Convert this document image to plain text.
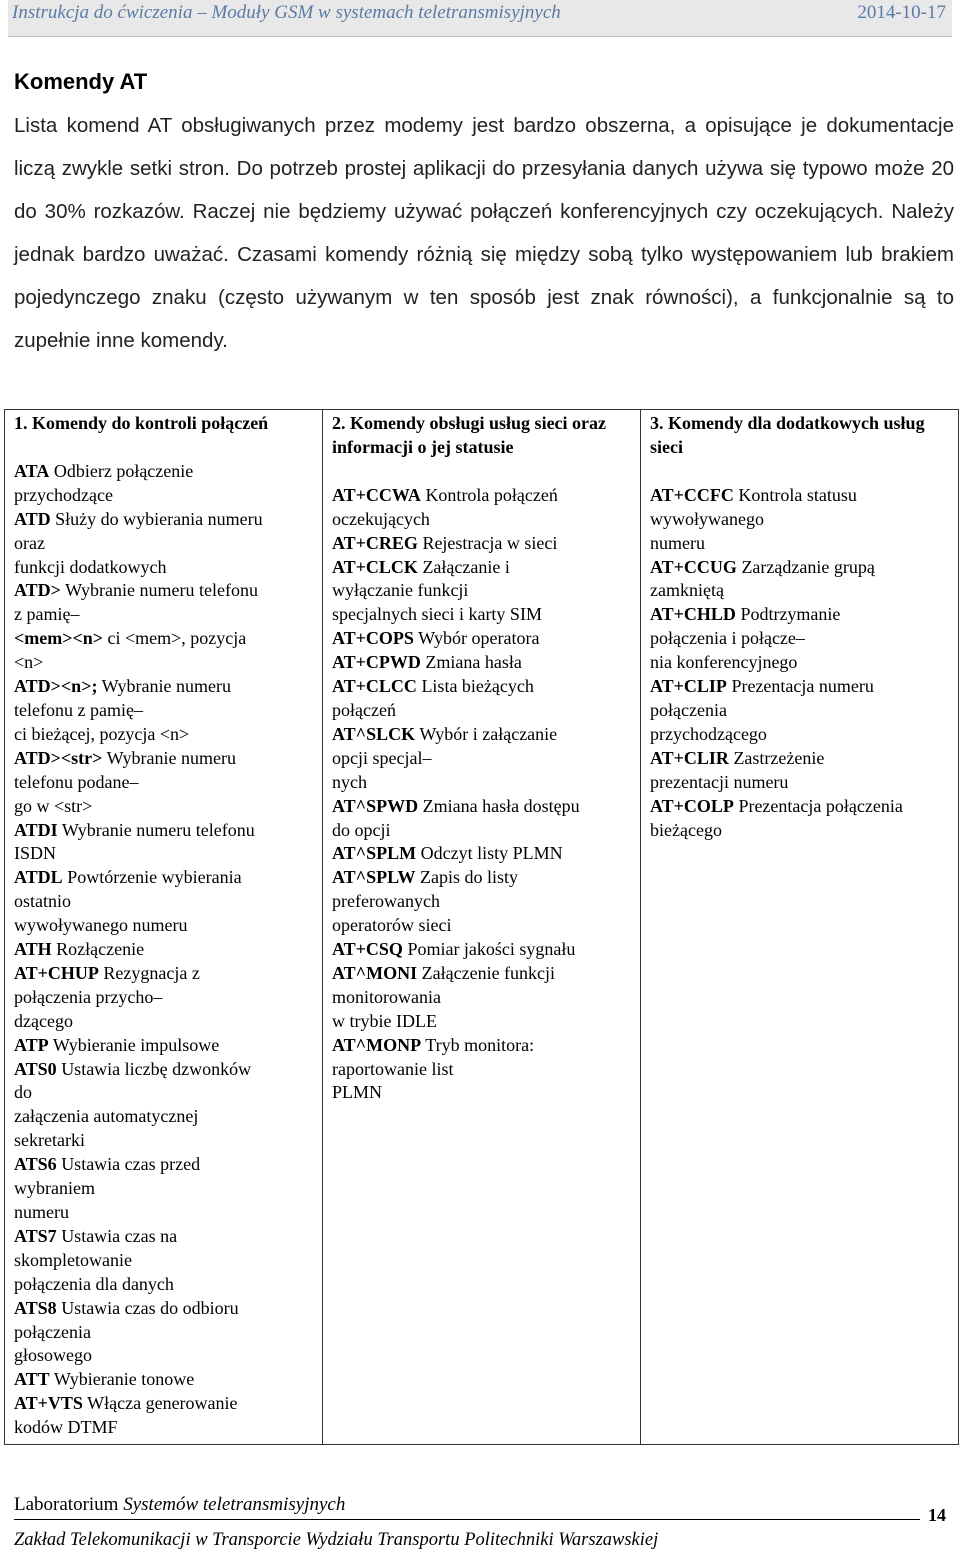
Instrukcja do ćwiczenia – Moduły GSM w systemach teletransmisyjnych	2014-10-17
Komendy AT
Lista komend AT obsługiwanych przez modemy jest bardzo obszerna, a opisujące je dokumentacje liczą zwykle setki stron. Do potrzeb prostej aplikacji do przesyłania danych używa się typowo może 20 do 30% rozkazów. Raczej nie będziemy używać połączeń konferencyjnych czy oczekujących. Należy jednak bardzo uważać. Czasami komendy różnią się między sobą tylko występowaniem lub brakiem pojedynczego znaku (często używanym w ten sposób jest znak równości), a funkcjonalnie są to zupełnie inne komendy.
1. Komendy do kontroli połączeń
ATA Odbierz połączenie
przychodzące
ATD Służy do wybierania numeru
oraz
funkcji dodatkowych
ATD> Wybranie numeru telefonu
z pamię–
<mem><n> ci <mem>, pozycja
<n>
ATD><n>; Wybranie numeru
telefonu z pamię–
ci bieżącej, pozycja <n>
ATD><str> Wybranie numeru
telefonu podane–
go w <str>
ATDI Wybranie numeru telefonu
ISDN
ATDL Powtórzenie wybierania
ostatnio
wywoływanego numeru
ATH Rozłączenie
AT+CHUP Rezygnacja z
połączenia przycho–
dzącego
ATP Wybieranie impulsowe
ATS0 Ustawia liczbę dzwonków
do
załączenia automatycznej
sekretarki
ATS6 Ustawia czas przed
wybraniem
numeru
ATS7 Ustawia czas na
skompletowanie
połączenia dla danych
ATS8 Ustawia czas do odbioru
połączenia
głosowego
ATT Wybieranie tonowe
AT+VTS Włącza generowanie
kodów DTMF

2. Komendy obsługi usług sieci oraz informacji o jej statusie
AT+CCWA Kontrola połączeń
oczekujących
AT+CREG Rejestracja w sieci
AT+CLCK Załączanie i
wyłączanie funkcji
specjalnych sieci i karty SIM
AT+COPS Wybór operatora
AT+CPWD Zmiana hasła
AT+CLCC Lista bieżących
połączeń
AT^SLCK Wybór i załączanie
opcji specjal–
nych
AT^SPWD Zmiana hasła dostępu
do opcji
AT^SPLM Odczyt listy PLMN
AT^SPLW Zapis do listy
preferowanych
operatorów sieci
AT+CSQ Pomiar jakości sygnału
AT^MONI Załączenie funkcji
monitorowania
w trybie IDLE
AT^MONP Tryb monitora:
raportowanie list
PLMN

3. Komendy dla dodatkowych usług sieci
AT+CCFC Kontrola statusu
wywoływanego
numeru
AT+CCUG Zarządzanie grupą
zamkniętą
AT+CHLD Podtrzymanie
połączenia i połącze–
nia konferencyjnego
AT+CLIP Prezentacja numeru
połączenia
przychodzącego
AT+CLIR Zastrzeżenie
prezentacji numeru
AT+COLP Prezentacja połączenia
bieżącego
Laboratorium Systemów teletransmisyjnych
Zakład Telekomunikacji w Transporcie Wydziału Transportu Politechniki Warszawskiej
14
